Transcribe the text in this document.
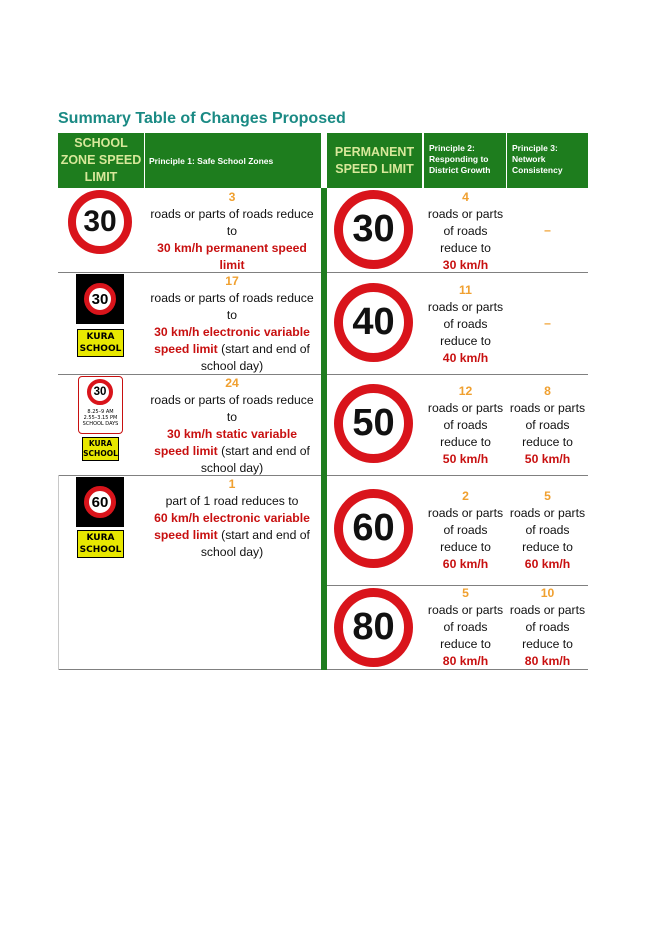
Summary Table of Changes Proposed
SCHOOL ZONE SPEED LIMIT
Principle 1: Safe School Zones
PERMANENT SPEED LIMIT
Principle 2: Responding to District Growth
Principle 3: Network Consistency
30
3
roads or parts of roads reduce to
30 km/h permanent speed limit
30
KURA SCHOOL
17
roads or parts of roads reduce to
30 km/h electronic variable speed limit (start and end of school day)
30
8.25–9 AM
2.55–3.15 PM
SCHOOL DAYS
KURA SCHOOL
24
roads or parts of roads reduce to
30 km/h static variable speed limit (start and end of school day)
60
KURA SCHOOL
1
part of 1 road reduces to
60 km/h electronic variable speed limit (start and end of school day)
30
4
roads or parts of roads reduce to
30 km/h
–
40
11
roads or parts of roads reduce to
40 km/h
–
50
12
roads or parts of roads reduce to
50 km/h
8
roads or parts of roads reduce to
50 km/h
60
2
roads or parts of roads reduce to
60 km/h
5
roads or parts of roads reduce to
60 km/h
80
5
roads or parts of roads reduce to
80 km/h
10
roads or parts of roads reduce to
80 km/h
